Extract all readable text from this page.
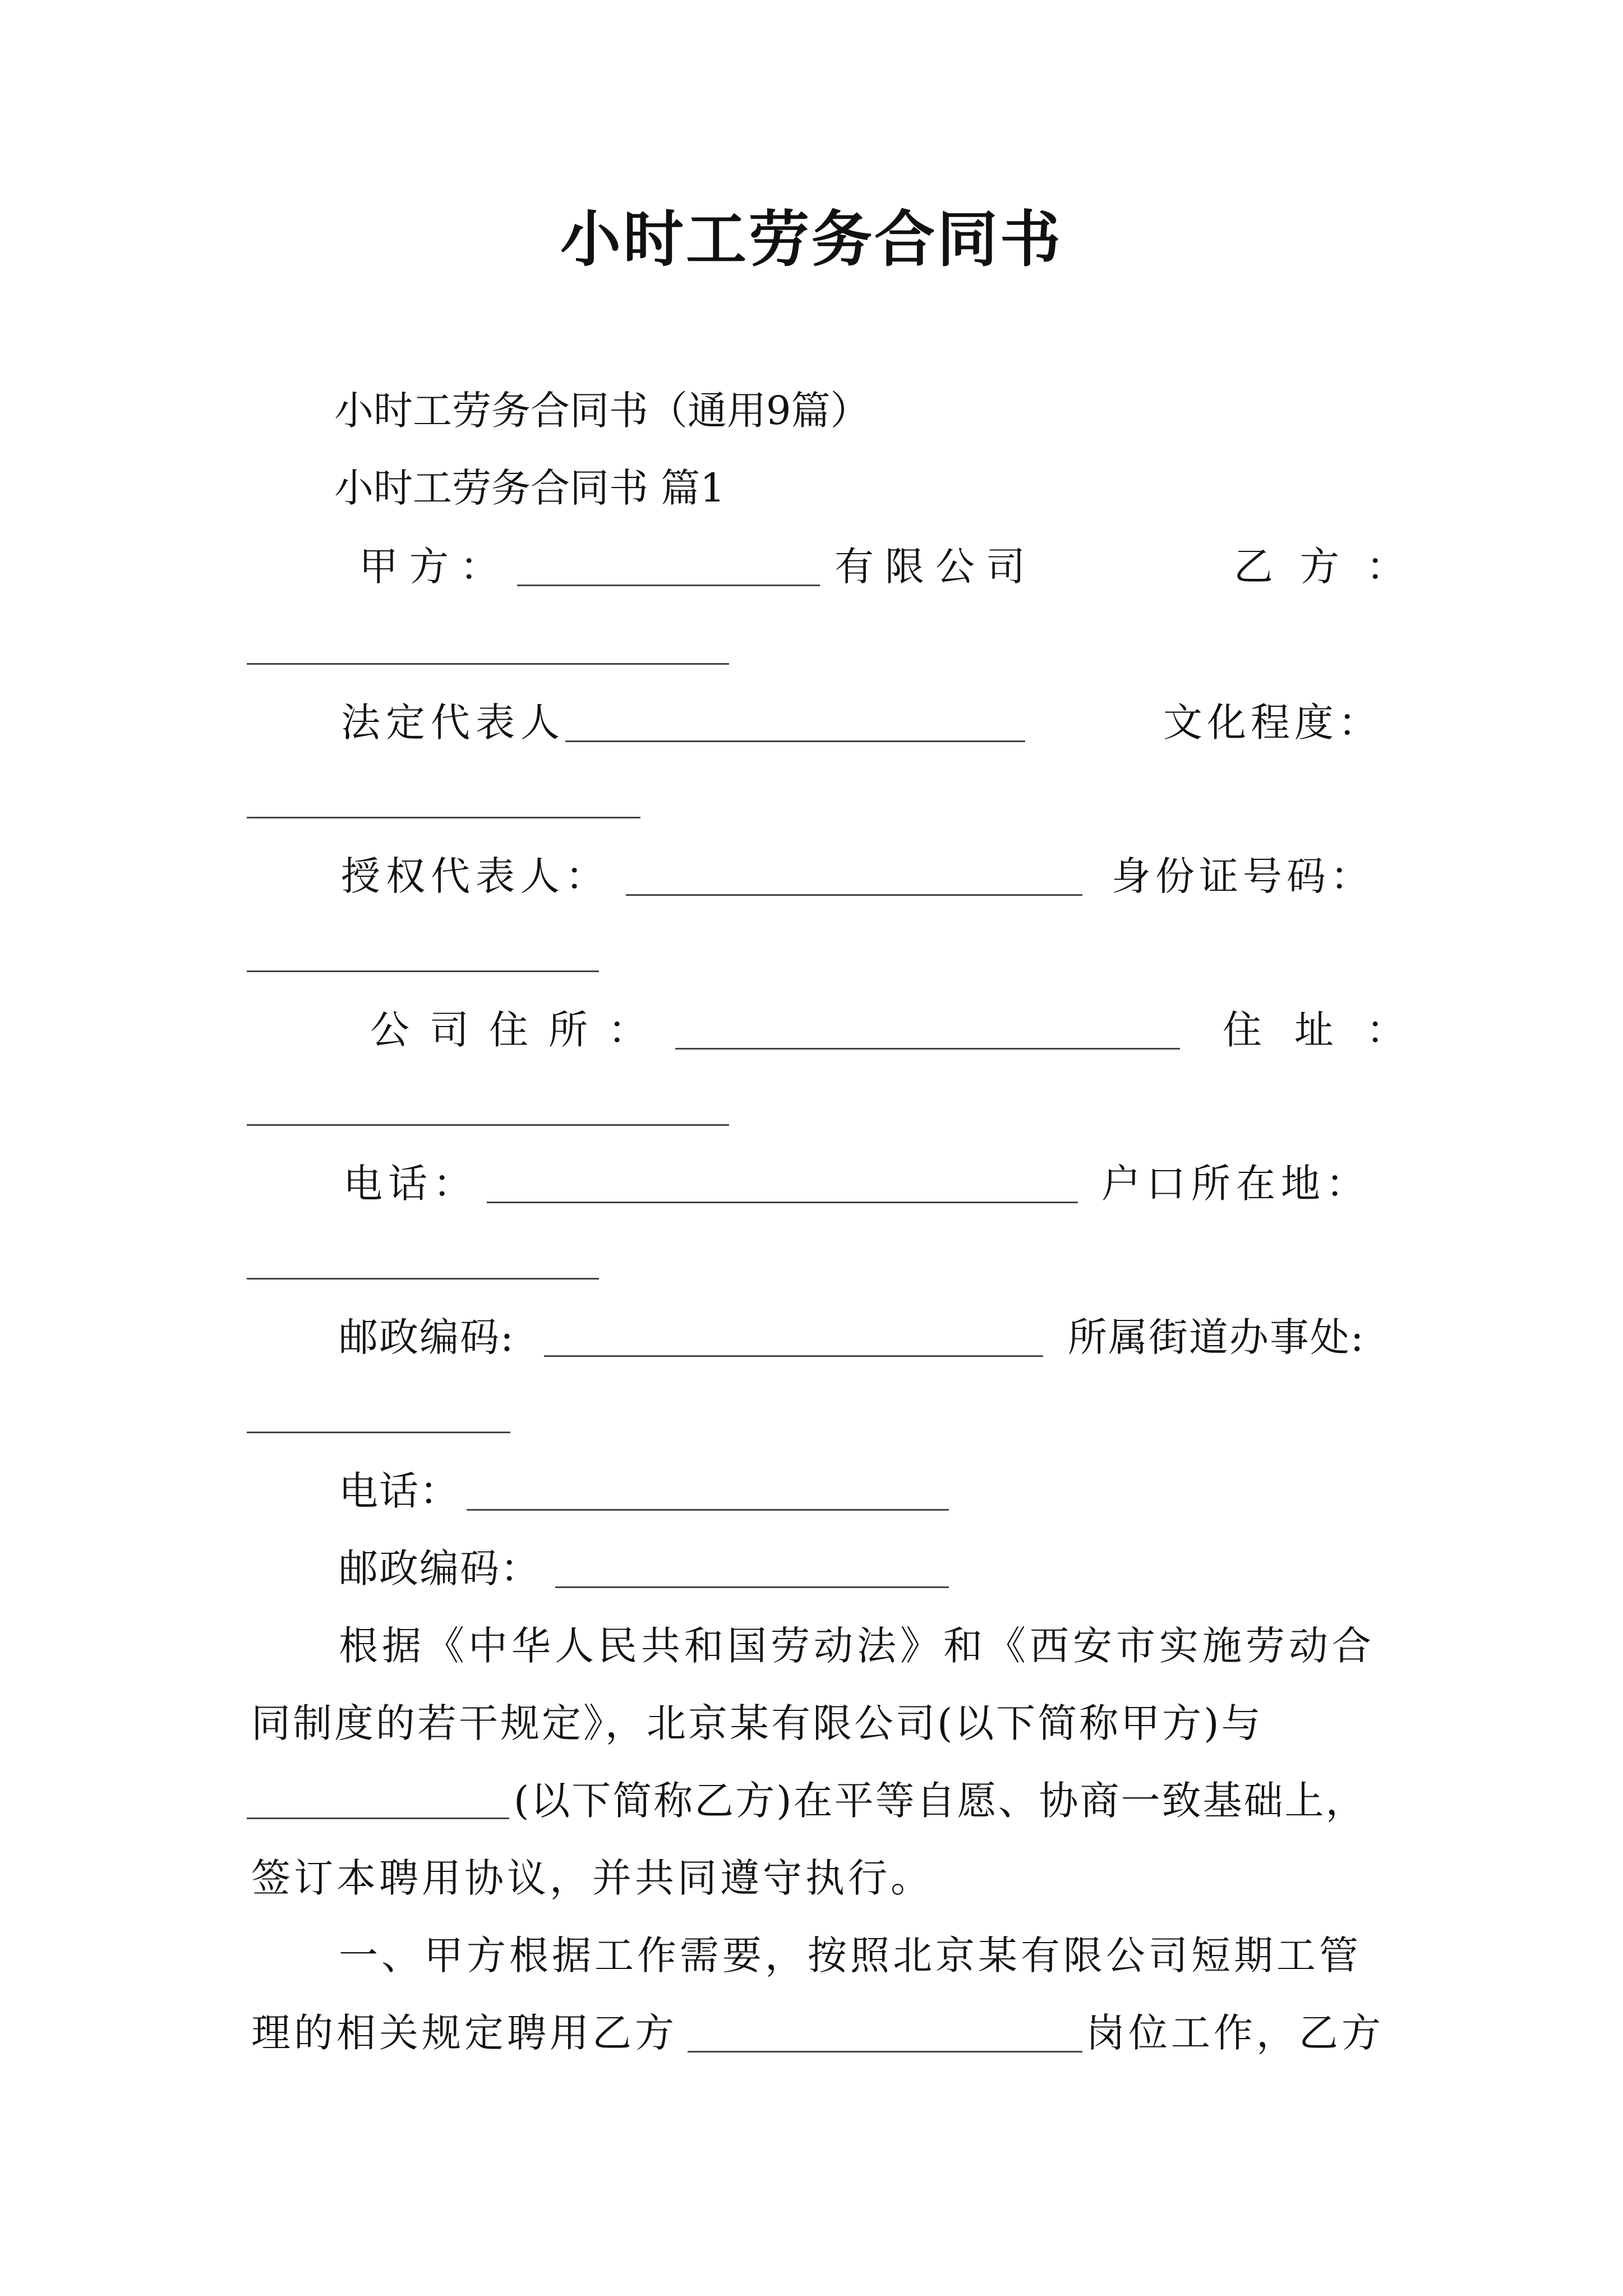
小时工劳务合同书
小时工劳务合同书（通用9篇）
小时工劳务合同书 篇1
甲方：	有限公司	乙方：
法定代表人	文化程度：
授权代表人：	身份证号码：
公司住所：	住址：
电话：	户口所在地：
邮政编码:	所属街道办事处:
电话：
邮政编码：
根据《中华人民共和国劳动法》和《西安市实施劳动合
同制度的若干规定》，北京某有限公司(以下简称甲方)与
(以下简称乙方)在平等自愿、协商一致基础上，
签订本聘用协议，并共同遵守执行。
一、甲方根据工作需要，按照北京某有限公司短期工管
理的相关规定聘用乙方	岗位工作，乙方
